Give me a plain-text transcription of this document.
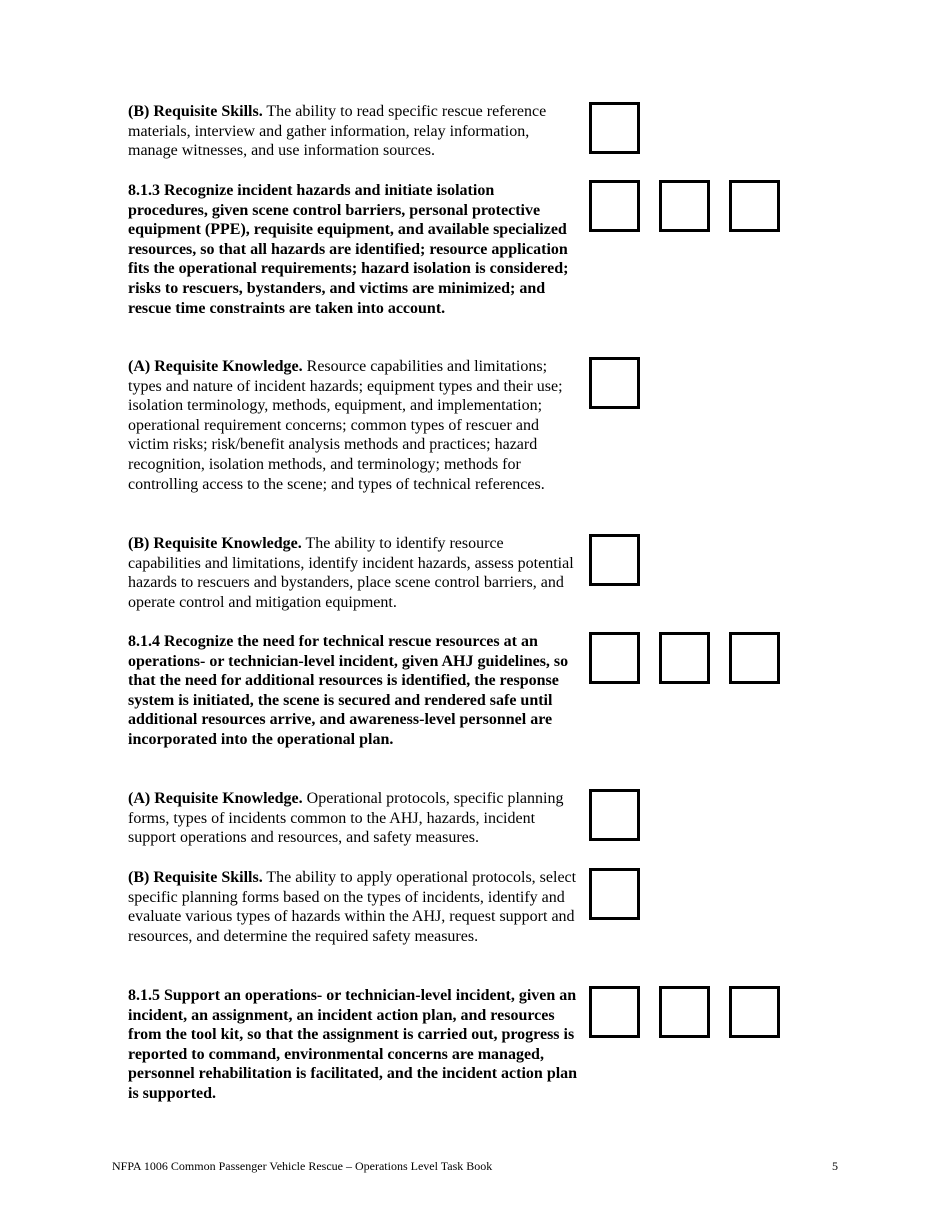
(B) Requisite Skills. The ability to read specific rescue reference materials, interview and gather information, relay information, manage witnesses, and use information sources.
8.1.3 Recognize incident hazards and initiate isolation procedures, given scene control barriers, personal protective equipment (PPE), requisite equipment, and available specialized resources, so that all hazards are identified; resource application fits the operational requirements; hazard isolation is considered; risks to rescuers, bystanders, and victims are minimized; and rescue time constraints are taken into account.
(A) Requisite Knowledge. Resource capabilities and limitations; types and nature of incident hazards; equipment types and their use; isolation terminology, methods, equipment, and implementation; operational requirement concerns; common types of rescuer and victim risks; risk/benefit analysis methods and practices; hazard recognition, isolation methods, and terminology; methods for controlling access to the scene; and types of technical references.
(B) Requisite Knowledge. The ability to identify resource capabilities and limitations, identify incident hazards, assess potential hazards to rescuers and bystanders, place scene control barriers, and operate control and mitigation equipment.
8.1.4 Recognize the need for technical rescue resources at an operations- or technician-level incident, given AHJ guidelines, so that the need for additional resources is identified, the response system is initiated, the scene is secured and rendered safe until additional resources arrive, and awareness-level personnel are incorporated into the operational plan.
(A) Requisite Knowledge. Operational protocols, specific planning forms, types of incidents common to the AHJ, hazards, incident support operations and resources, and safety measures.
(B) Requisite Skills. The ability to apply operational protocols, select specific planning forms based on the types of incidents, identify and evaluate various types of hazards within the AHJ, request support and resources, and determine the required safety measures.
8.1.5 Support an operations- or technician-level incident, given an incident, an assignment, an incident action plan, and resources from the tool kit, so that the assignment is carried out, progress is reported to command, environmental concerns are managed, personnel rehabilitation is facilitated, and the incident action plan is supported.
NFPA 1006 Common Passenger Vehicle Rescue – Operations Level Task Book	5
